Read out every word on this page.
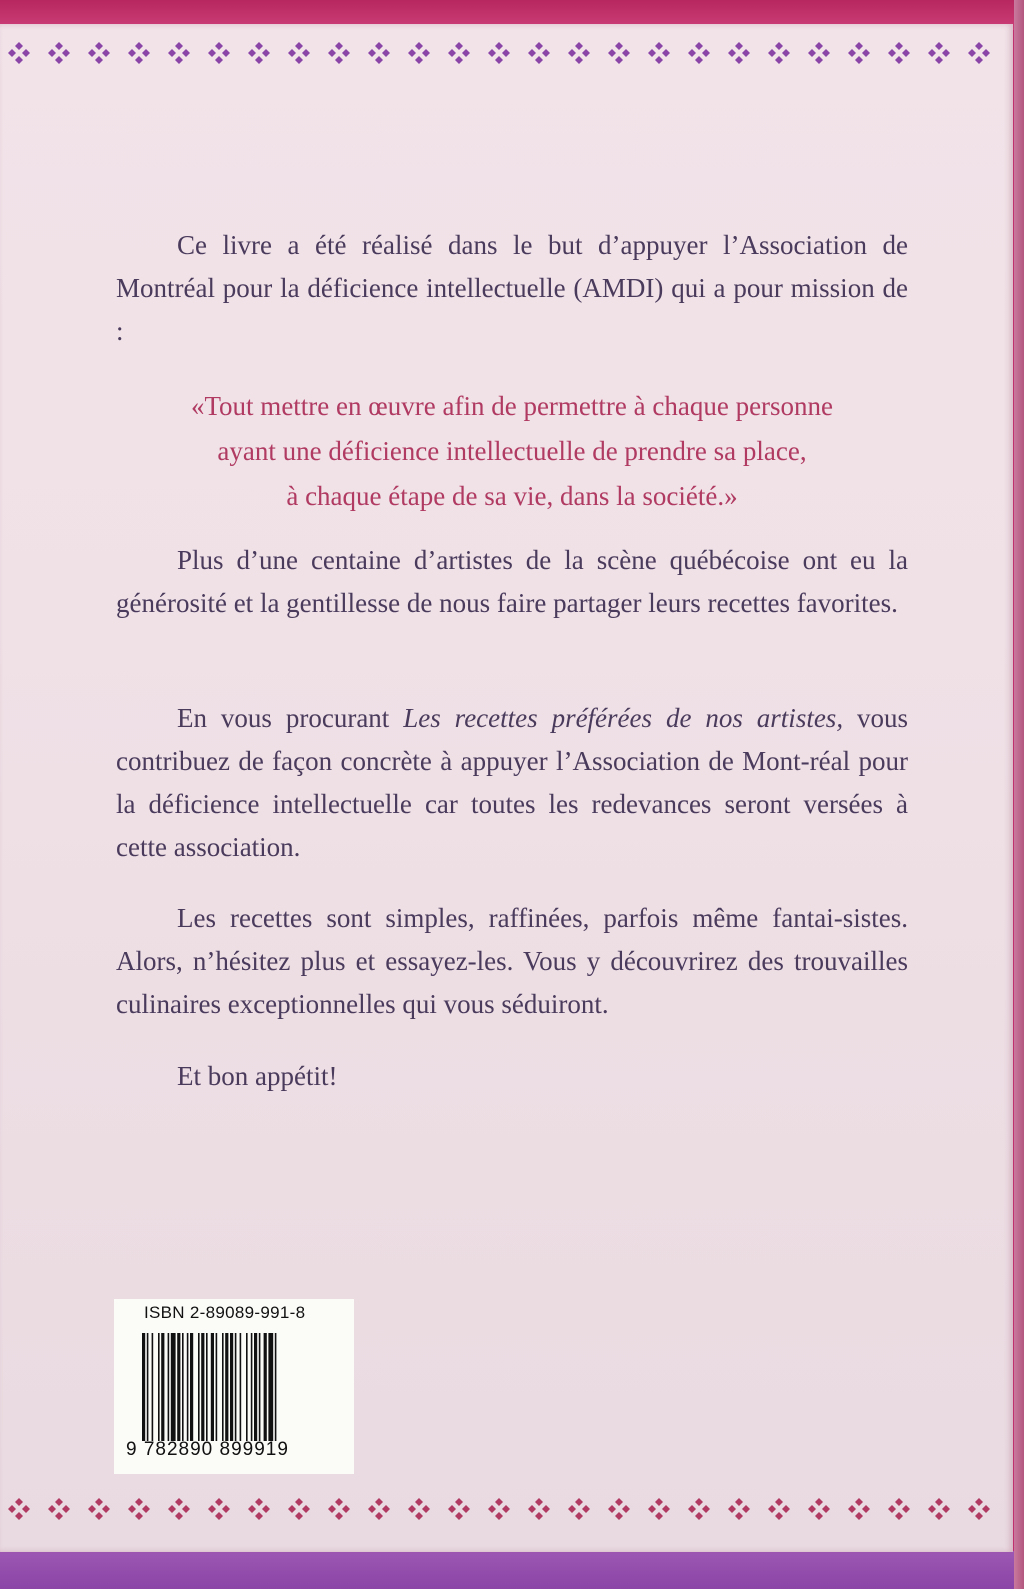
Ce livre a été réalisé dans le but d’appuyer l’Association de Montréal pour la déficience intellectuelle (AMDI) qui a pour mission de :

«Tout mettre en œuvre afin de permettre à chaque personne

ayant une déficience intellectuelle de prendre sa place,

à chaque étape de sa vie, dans la société.»

Plus d’une centaine d’artistes de la scène québécoise ont eu la générosité et la gentillesse de nous faire partager leurs recettes favorites.

En vous procurant Les recettes préférées de nos artistes, vous contribuez de façon concrète à appuyer l’Association de Mont-réal pour la déficience intellectuelle car toutes les redevances seront versées à cette association.

Les recettes sont simples, raffinées, parfois même fantai-sistes. Alors, n’hésitez plus et essayez-les. Vous y découvrirez des trouvailles culinaires exceptionnelles qui vous séduiront.

Et bon appétit!

ISBN 2-89089-991-8
9 782890 899919
